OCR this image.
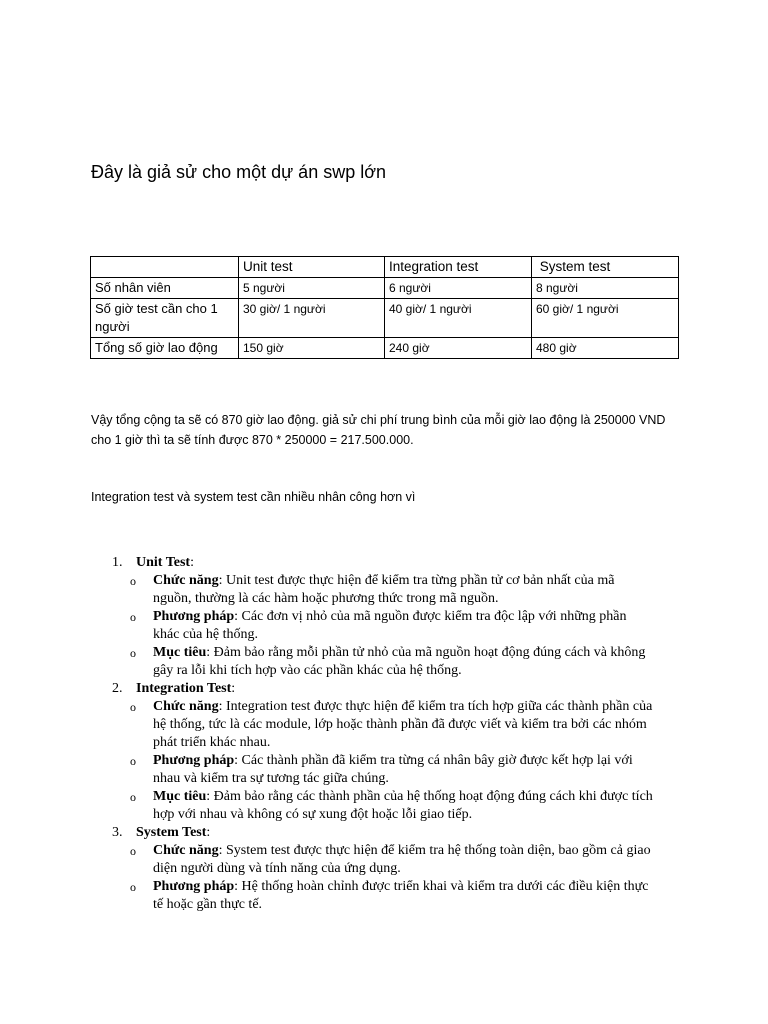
Đây là giả sử cho một dự án swp lớn
	Unit test	Integration test	System test
Số nhân viên	5 người	6 người	8 người
Số giờ test cần cho 1 người	30 giờ/ 1 người	40 giờ/ 1 người	60 giờ/ 1 người
Tổng số giờ lao động	150 giờ	240 giờ	480 giờ
Vậy tổng cộng ta sẽ có 870 giờ lao động. giả sử chi phí trung bình của mỗi giờ lao động là 250000 VND
cho 1 giờ thì ta sẽ tính được 870 * 250000 = 217.500.000.
Integration test và system test cần nhiều nhân công hơn vì
1. Unit Test:
o Chức năng: Unit test được thực hiện để kiểm tra từng phần tử cơ bản nhất của mã nguồn, thường là các hàm hoặc phương thức trong mã nguồn.
o Phương pháp: Các đơn vị nhỏ của mã nguồn được kiểm tra độc lập với những phần khác của hệ thống.
o Mục tiêu: Đảm bảo rằng mỗi phần tử nhỏ của mã nguồn hoạt động đúng cách và không gây ra lỗi khi tích hợp vào các phần khác của hệ thống.
2. Integration Test:
o Chức năng: Integration test được thực hiện để kiểm tra tích hợp giữa các thành phần của hệ thống, tức là các module, lớp hoặc thành phần đã được viết và kiểm tra bởi các nhóm phát triển khác nhau.
o Phương pháp: Các thành phần đã kiểm tra từng cá nhân bây giờ được kết hợp lại với nhau và kiểm tra sự tương tác giữa chúng.
o Mục tiêu: Đảm bảo rằng các thành phần của hệ thống hoạt động đúng cách khi được tích hợp với nhau và không có sự xung đột hoặc lỗi giao tiếp.
3. System Test:
o Chức năng: System test được thực hiện để kiểm tra hệ thống toàn diện, bao gồm cả giao diện người dùng và tính năng của ứng dụng.
o Phương pháp: Hệ thống hoàn chỉnh được triển khai và kiểm tra dưới các điều kiện thực tế hoặc gần thực tế.
